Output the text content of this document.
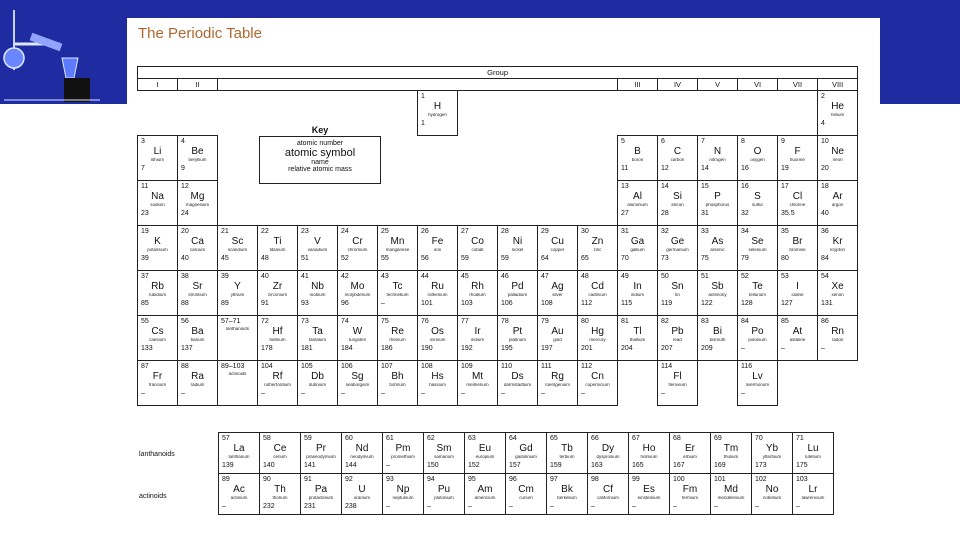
The Periodic Table
Group																	
I	II											III	IV	V	VI	VII	VIII

							1
H
hydrogen
1										2
He
helium
4

3
Li
lithium
7	4
Be
beryllium
9											5
B
boron
11	6
C
carbon
12	7
N
nitrogen
14	8
O
oxygen
16	9
F
fluorine
19	10
Ne
neon
20

11
Na
sodium
23	12
Mg
magnesium
24											13
Al
aluminium
27	14
Si
silicon
28	15
P
phosphorus
31	16
S
sulfur
32	17
Cl
chlorine
35.5	18
Ar
argon
40

19
K
potassium
39	20
Ca
calcium
40	21
Sc
scandium
45	22
Ti
titanium
48	23
V
vanadium
51	24
Cr
chromium
52	25
Mn
manganese
55	26
Fe
iron
56	27
Co
cobalt
59	28
Ni
nickel
59	29
Cu
copper
64	30
Zn
zinc
65	31
Ga
gallium
70	32
Ge
germanium
73	33
As
arsenic
75	34
Se
selenium
79	35
Br
bromine
80	36
Kr
krypton
84

37
Rb
rubidium
85	38
Sr
strontium
88	39
Y
yttrium
89	40
Zr
zirconium
91	41
Nb
niobium
93	42
Mo
molybdenum
96	43
Tc
technetium
–	44
Ru
ruthenium
101	45
Rh
rhodium
103	46
Pd
palladium
106	47
Ag
silver
108	48
Cd
cadmium
112	49
In
indium
115	50
Sn
tin
119	51
Sb
antimony
122	52
Te
tellurium
128	53
I
iodine
127	54
Xe
xenon
131

55
Cs
caesium
133	56
Ba
barium
137	57–71
lanthanoids	72
Hf
hafnium
178	73
Ta
tantalum
181	74
W
tungsten
184	75
Re
rhenium
186	76
Os
osmium
190	77
Ir
iridium
192	78
Pt
platinum
195	79
Au
gold
197	80
Hg
mercury
201	81
Tl
thallium
204	82
Pb
lead
207	83
Bi
bismuth
209	84
Po
polonium
–	85
At
astatine
–	86
Rn
radon
–

87
Fr
francium
–	88
Ra
radium
–	89–103
actinoids	104
Rf
rutherfordium
–	105
Db
dubnium
–	106
Sg
seaborgium
–	107
Bh
bohrium
–	108
Hs
hassium
–	109
Mt
meitnerium
–	110
Ds
darmstadtium
–	111
Rg
roentgenium
–	112
Cn
copernicium
–		114
Fl
flerovium
–		116
Lv
livermorium
–		

Key
atomic number
atomic symbol
name
relative atomic mass
lanthanoids
actinoids
57
La
lanthanum
139	58
Ce
cerium
140	59
Pr
praseodymium
141	60
Nd
neodymium
144	61
Pm
promethium
–	62
Sm
samarium
150	63
Eu
europium
152	64
Gd
gadolinium
157	65
Tb
terbium
159	66
Dy
dysprosium
163	67
Ho
holmium
165	68
Er
erbium
167	69
Tm
thulium
169	70
Yb
ytterbium
173	71
Lu
lutetium
175

89
Ac
actinium
–	90
Th
thorium
232	91
Pa
protactinium
231	92
U
uranium
238	93
Np
neptunium
–	94
Pu
plutonium
–	95
Am
americium
–	96
Cm
curium
–	97
Bk
berkelium
–	98
Cf
californium
–	99
Es
einsteinium
–	100
Fm
fermium
–	101
Md
mendelevium
–	102
No
nobelium
–	103
Lr
lawrencium
–
